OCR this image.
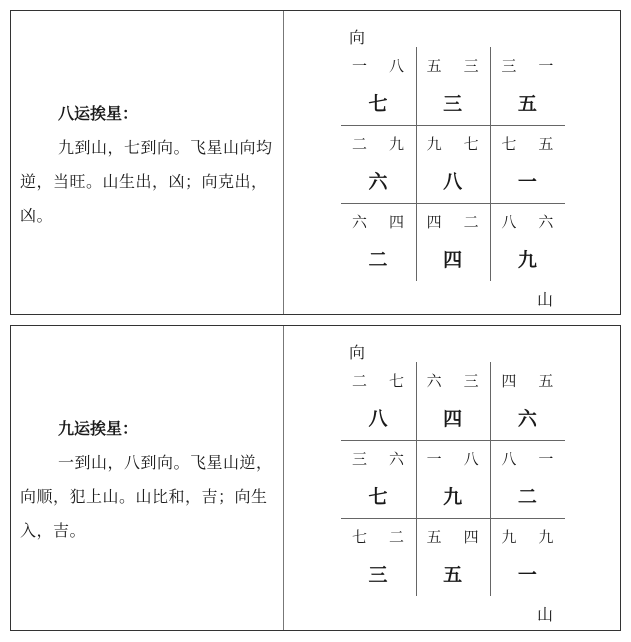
八运挨星：
九到山，七到向。飞星山向均逆，当旺。山生出，凶；向克出，凶。
向
一 八
七
五 三
三
三 一
五
二 九
六
九 七
八
七 五
一
六 四
二
四 二
四
八 六
九
山
九运挨星：
一到山，八到向。飞星山逆，向顺，犯上山。山比和，吉；向生入，吉。
向
二 七
八
六 三
四
四 五
六
三 六
七
一 八
九
八 一
二
七 二
三
五 四
五
九 九
一
山
